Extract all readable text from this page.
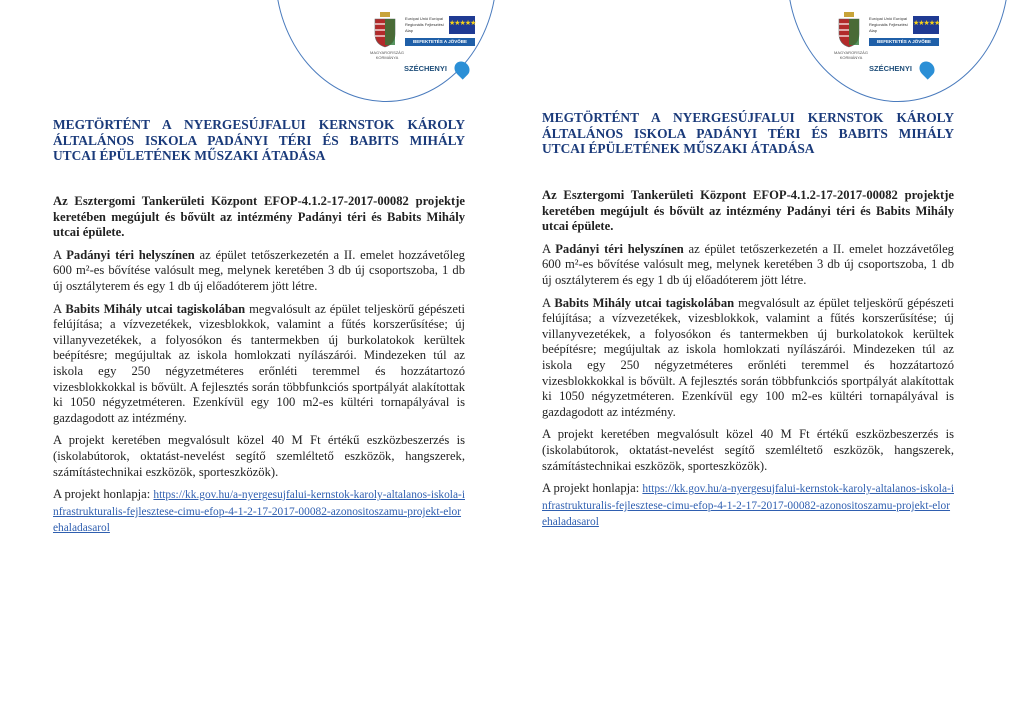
MAGYARORSZÁG KORMÁNYA
Európai Unió Európai Regionális Fejlesztési Alap
★★★★★
BEFEKTETÉS A JÖVŐBE
SZÉCHENYI
MEGTÖRTÉNT A NYERGESÚJFALUI KERNSTOK KÁROLY ÁLTALÁNOS ISKOLA PADÁNYI TÉRI ÉS BABITS MIHÁLY UTCAI ÉPÜLETÉNEK MŰSZAKI ÁTADÁSA

Az Esztergomi Tankerületi Központ EFOP-4.1.2-17-2017-00082 projektje keretében megújult és bővült az intézmény Padányi téri és Babits Mihály utcai épülete.

A Padányi téri helyszínen az épület tetőszerkezetén a II. emelet hozzávetőleg 600 m²-es bővítése valósult meg, melynek keretében 3 db új csoportszoba, 1 db új osztályterem és egy 1 db új előadóterem jött létre.

A Babits Mihály utcai tagiskolában megvalósult az épület teljeskörű gépészeti felújítása; a vízvezetékek, vizesblokkok, valamint a fűtés korszerűsítése; új villanyvezetékek, a folyosókon és tantermekben új burkolatokok kerültek beépítésre; megújultak az iskola homlokzati nyílászárói. Mindezeken túl az iskola egy 250 négyzetméteres erőnléti teremmel és hozzátartozó vizesblokkokkal is bővült. A fejlesztés során többfunkciós sportpályát alakítottak ki 1050 négyzetméteren. Ezenkívül egy 100 m2-es kültéri tornapályával is gazdagodott az intézmény.

A projekt keretében megvalósult közel 40 M Ft értékű eszközbeszerzés is (iskolabútorok, oktatást-nevelést segítő szemléltető eszközök, hangszerek, számítástechnikai eszközök, sporteszközök).

A projekt honlapja: https://kk.gov.hu/a-nyergesujfalui-kernstok-karoly-altalanos-iskola-infrastrukturalis-fejlesztese-cimu-efop-4-1-2-17-2017-00082-azonositoszamu-projekt-elorehaladasarol

MAGYARORSZÁG KORMÁNYA
Európai Unió Európai Regionális Fejlesztési Alap
★★★★★
BEFEKTETÉS A JÖVŐBE
SZÉCHENYI
MEGTÖRTÉNT A NYERGESÚJFALUI KERNSTOK KÁROLY ÁLTALÁNOS ISKOLA PADÁNYI TÉRI ÉS BABITS MIHÁLY UTCAI ÉPÜLETÉNEK MŰSZAKI ÁTADÁSA

Az Esztergomi Tankerületi Központ EFOP-4.1.2-17-2017-00082 projektje keretében megújult és bővült az intézmény Padányi téri és Babits Mihály utcai épülete.

A Padányi téri helyszínen az épület tetőszerkezetén a II. emelet hozzávetőleg 600 m²-es bővítése valósult meg, melynek keretében 3 db új csoportszoba, 1 db új osztályterem és egy 1 db új előadóterem jött létre.

A Babits Mihály utcai tagiskolában megvalósult az épület teljeskörű gépészeti felújítása; a vízvezetékek, vizesblokkok, valamint a fűtés korszerűsítése; új villanyvezetékek, a folyosókon és tantermekben új burkolatokok kerültek beépítésre; megújultak az iskola homlokzati nyílászárói. Mindezeken túl az iskola egy 250 négyzetméteres erőnléti teremmel és hozzátartozó vizesblokkokkal is bővült. A fejlesztés során többfunkciós sportpályát alakítottak ki 1050 négyzetméteren. Ezenkívül egy 100 m2-es kültéri tornapályával is gazdagodott az intézmény.

A projekt keretében megvalósult közel 40 M Ft értékű eszközbeszerzés is (iskolabútorok, oktatást-nevelést segítő szemléltető eszközök, hangszerek, számítástechnikai eszközök, sporteszközök).

A projekt honlapja: https://kk.gov.hu/a-nyergesujfalui-kernstok-karoly-altalanos-iskola-infrastrukturalis-fejlesztese-cimu-efop-4-1-2-17-2017-00082-azonositoszamu-projekt-elorehaladasarol
